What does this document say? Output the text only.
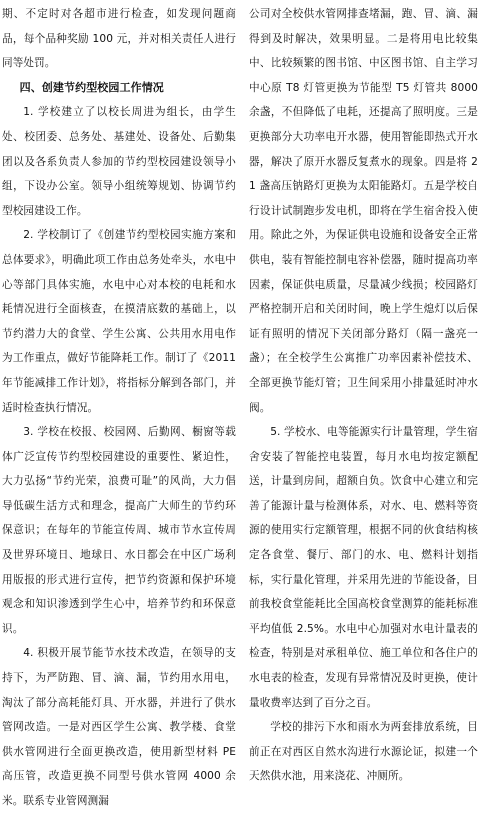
期、不定时对各超市进行检查，如发现问题商品，每个品种奖励 100 元，并对相关责任人进行同等处罚。

四、创建节约型校园工作情况

1. 学校建立了以校长周进为组长，由学生处、校团委、总务处、基建处、设备处、后勤集团以及各系负责人参加的节约型校园建设领导小组，下设办公室。领导小组统筹规划、协调节约型校园建设工作。

2. 学校制订了《创建节约型校园实施方案和总体要求》，明确此项工作由总务处牵头，水电中心等部门具体实施，水电中心对本校的电耗和水耗情况进行全面核查，在摸清底数的基础上，以节约潜力大的食堂、学生公寓、公共用水用电作为工作重点，做好节能降耗工作。制订了《2011 年节能减排工作计划》，将指标分解到各部门，并适时检查执行情况。

3. 学校在校报、校园网、后勤网、橱窗等载体广泛宣传节约型校园建设的重要性、紧迫性，大力弘扬“节约光荣，浪费可耻”的风尚，大力倡导低碳生活方式和理念，提高广大师生的节约环保意识；在每年的节能宣传周、城市节水宣传周及世界环境日、地球日、水日都会在中区广场利用版报的形式进行宣传，把节约资源和保护环境观念和知识渗透到学生心中，培养节约和环保意识。

4. 积极开展节能节水技术改造，在领导的支持下，为严防跑、冒、滴、漏，节约用水用电，淘汰了部分高耗能灯具、开水器，并进行了供水管网改造。一是对西区学生公寓、教学楼、食堂供水管网进行全面更换改造，使用新型材料 PE 高压管，改造更换不同型号供水管网 4000 余米。联系专业管网测漏

公司对全校供水管网排查堵漏，跑、冒、滴、漏得到及时解决，效果明显。二是将用电比较集中、比较频繁的图书馆、中区图书馆、自主学习中心原 T8 灯管更换为节能型 T5 灯管共 8000 余盏，不但降低了电耗，还提高了照明度。三是更换部分大功率电开水器，使用智能即热式开水器，解决了原开水器反复煮水的现象。四是将 21 盏高压钠路灯更换为太阳能路灯。五是学校自行设计试制跑步发电机，即将在学生宿舍投入使用。除此之外，为保证供电设施和设备安全正常供电，装有智能控制电容补偿器，随时提高功率因素，保证供电质量，尽量减少线损；校园路灯严格控制开启和关闭时间，晚上学生熄灯以后保证有照明的情况下关闭部分路灯（隔一盏亮一盏）；在全校学生公寓推广功率因素补偿技术、全部更换节能灯管；卫生间采用小排量延时冲水阀。

5. 学校水、电等能源实行计量管理，学生宿舍安装了智能控电装置，每月水电均按定额配送，计量到房间，超额自负。饮食中心建立和完善了能源计量与检测体系，对水、电、燃料等资源的使用实行定额管理，根据不同的伙食结构核定各食堂、餐厅、部门的水、电、燃料计划指标，实行量化管理，并采用先进的节能设备，目前我校食堂能耗比全国高校食堂测算的能耗标准平均值低 2.5%。水电中心加强对水电计量表的检查，特别是对承租单位、施工单位和各住户的水电表的检查，发现有异常情况及时更换，使计量收费率达到了百分之百。

学校的排污下水和雨水为两套排放系统，目前正在对西区自然水沟进行水源论证，拟建一个天然供水池，用来浇花、冲厕所。
